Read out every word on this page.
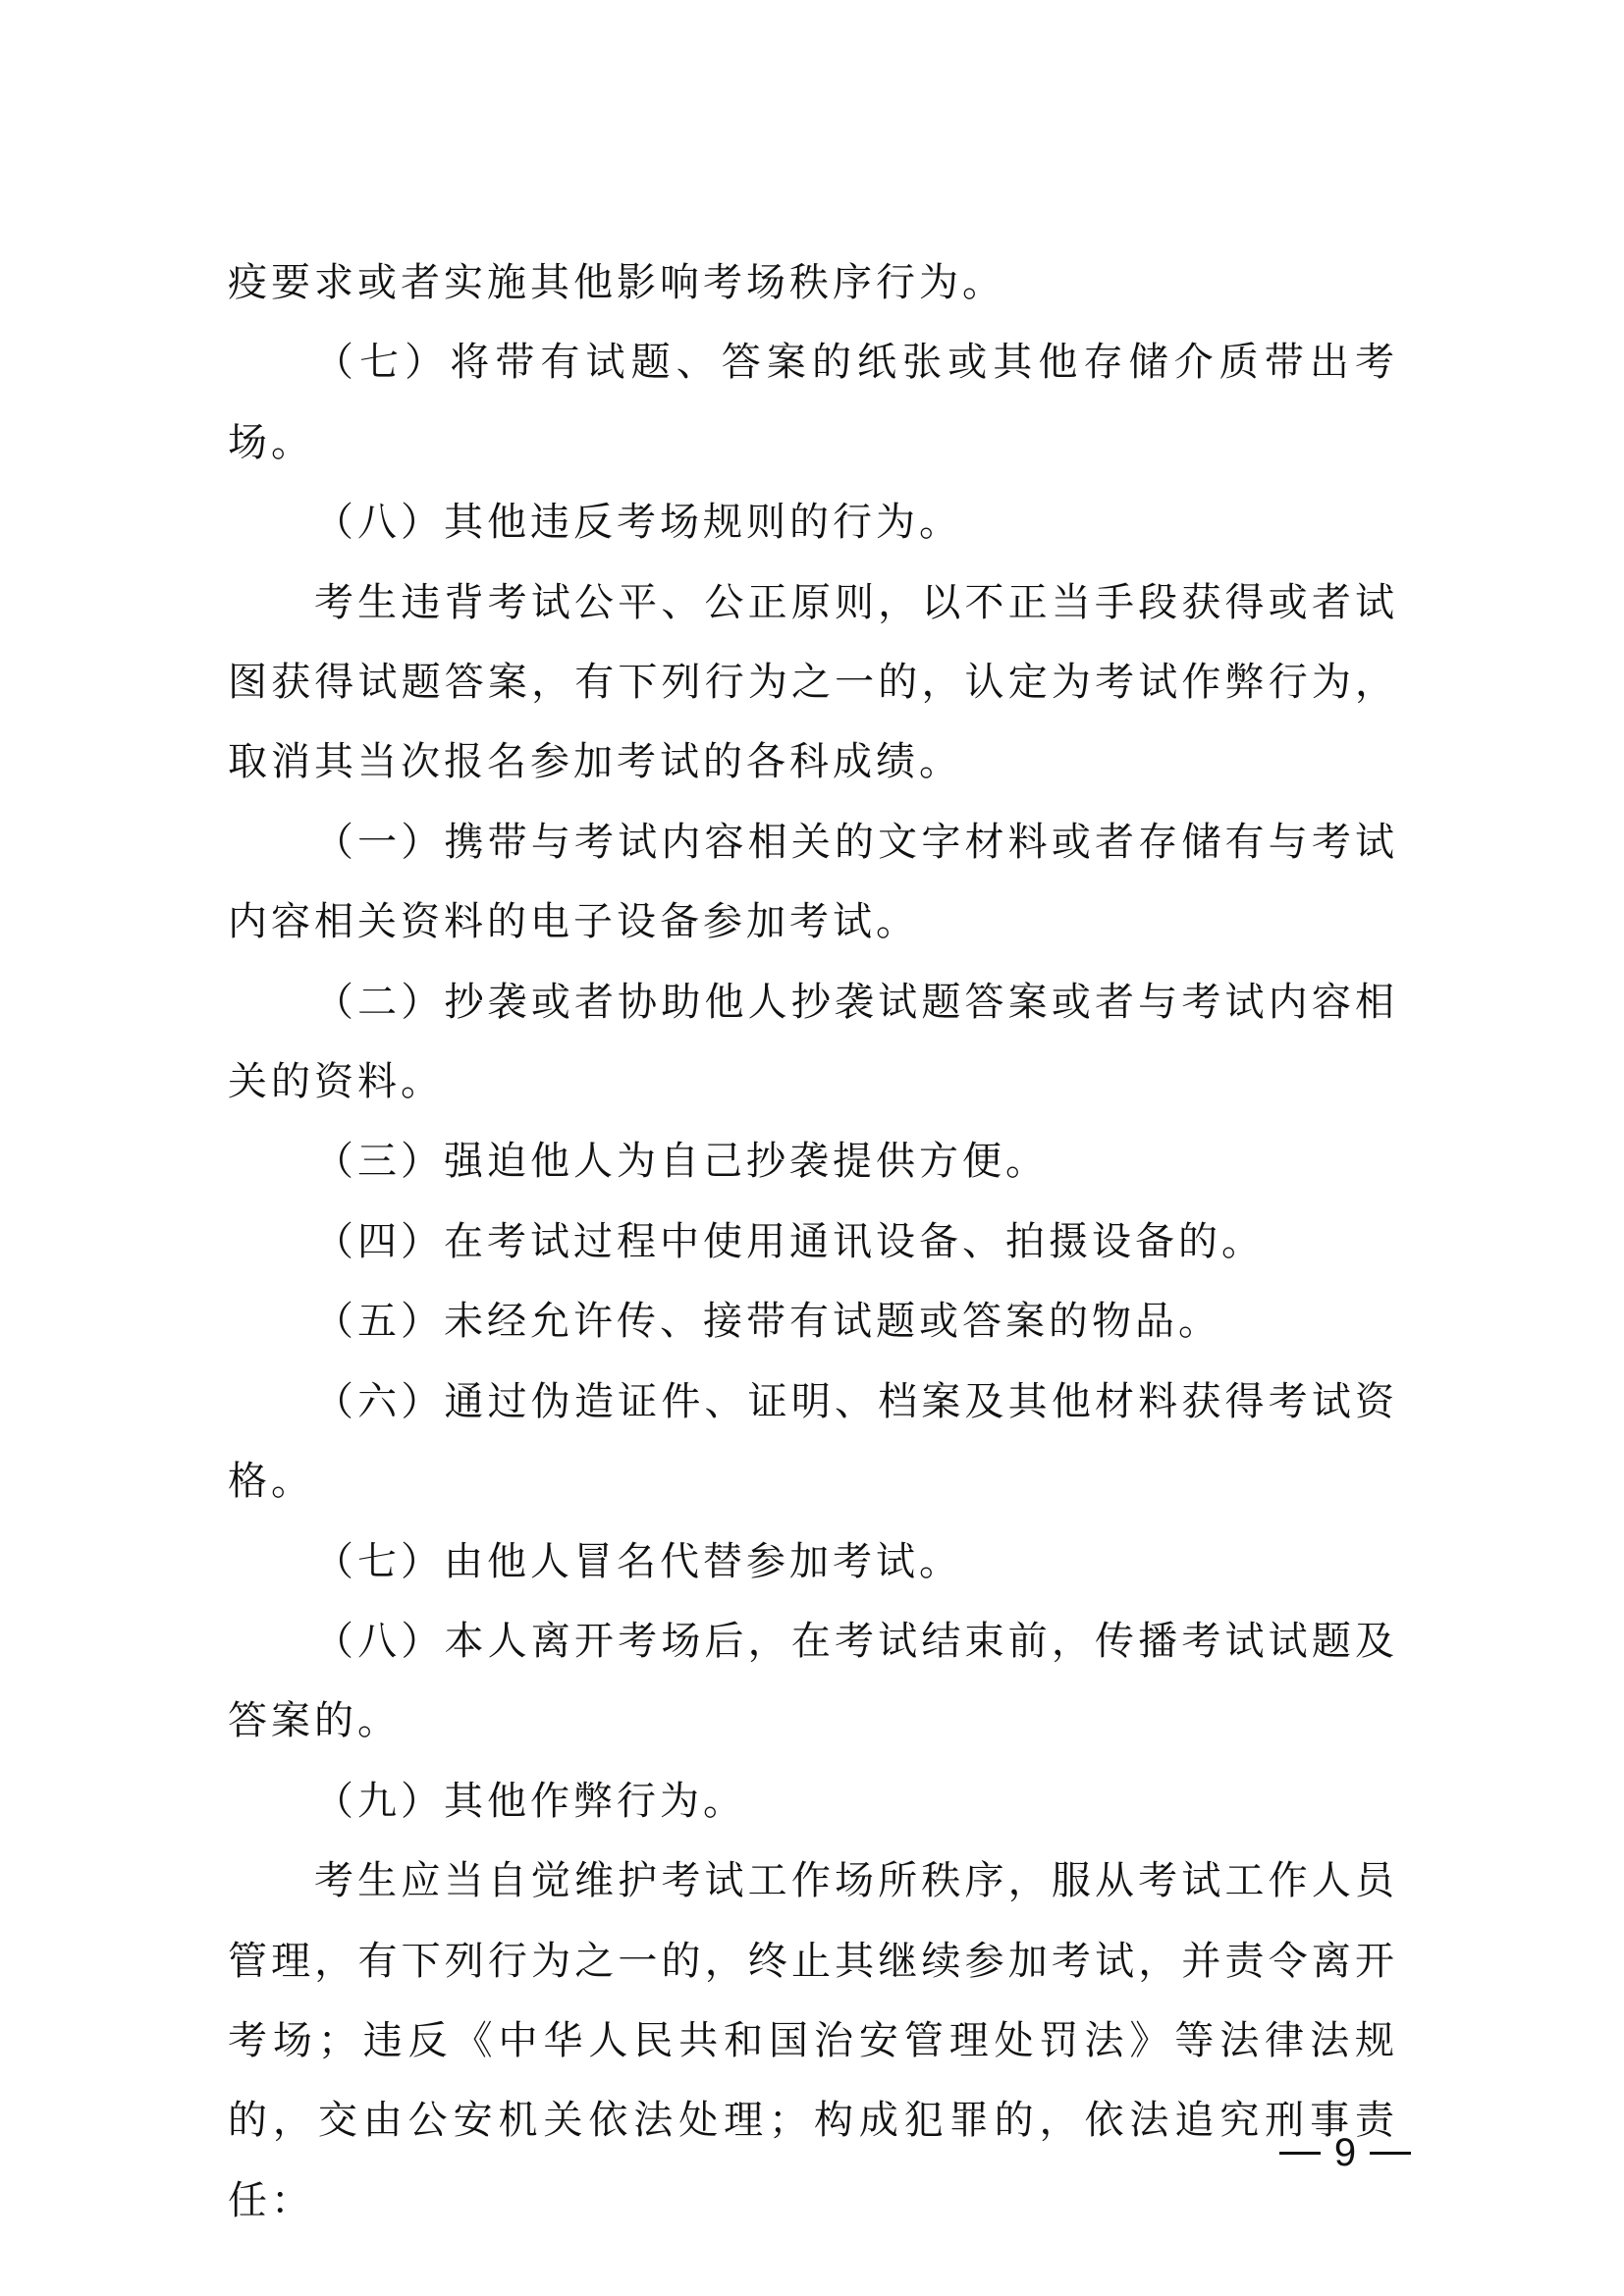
疫要求或者实施其他影响考场秩序行为。

（七）将带有试题、答案的纸张或其他存储介质带出考场。

（八）其他违反考场规则的行为。

考生违背考试公平、公正原则，以不正当手段获得或者试图获得试题答案，有下列行为之一的，认定为考试作弊行为，取消其当次报名参加考试的各科成绩。

（一）携带与考试内容相关的文字材料或者存储有与考试内容相关资料的电子设备参加考试。

（二）抄袭或者协助他人抄袭试题答案或者与考试内容相关的资料。

（三）强迫他人为自己抄袭提供方便。

（四）在考试过程中使用通讯设备、拍摄设备的。

（五）未经允许传、接带有试题或答案的物品。

（六）通过伪造证件、证明、档案及其他材料获得考试资格。

（七）由他人冒名代替参加考试。

（八）本人离开考场后，在考试结束前，传播考试试题及答案的。

（九）其他作弊行为。

考生应当自觉维护考试工作场所秩序，服从考试工作人员管理，有下列行为之一的，终止其继续参加考试，并责令离开考场；违反《中华人民共和国治安管理处罚法》等法律法规的，交由公安机关依法处理；构成犯罪的，依法追究刑事责任：

9
